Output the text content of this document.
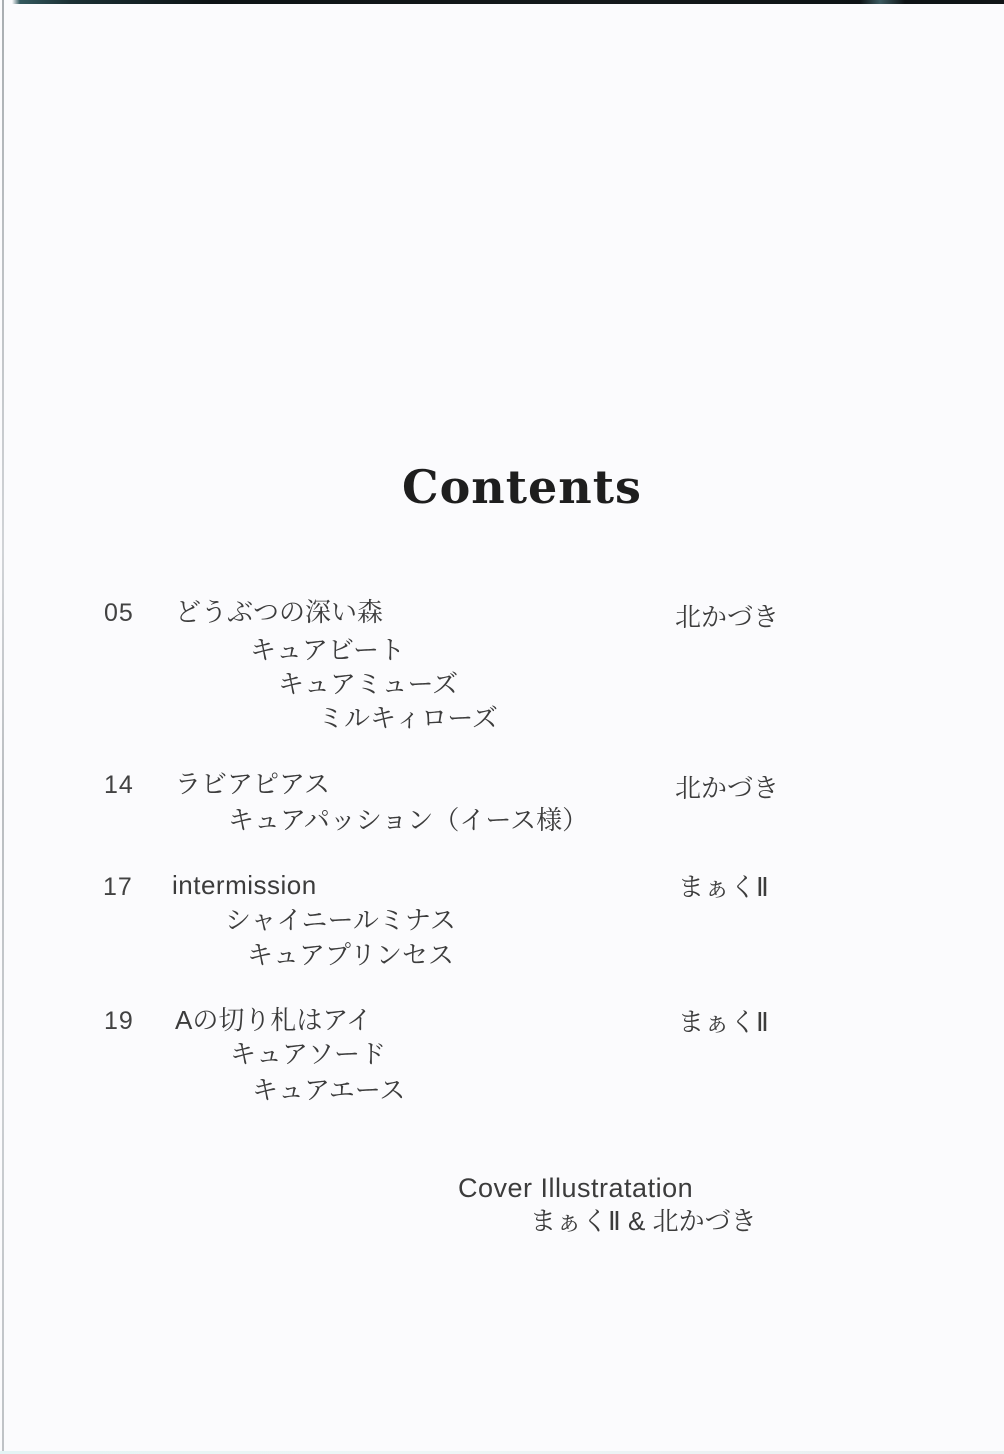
Contents
05 どうぶつの深い森	北かづき
キュアビート
キュアミューズ
ミルキィローズ
14 ラビアピアス	北かづき
キュアパッション（イース様）
17 intermission	まぁくⅡ
シャイニールミナス
キュアプリンセス
19 Aの切り札はアイ	まぁくⅡ
キュアソード
キュアエース
Cover Illustratation
まぁくⅡ & 北かづき
